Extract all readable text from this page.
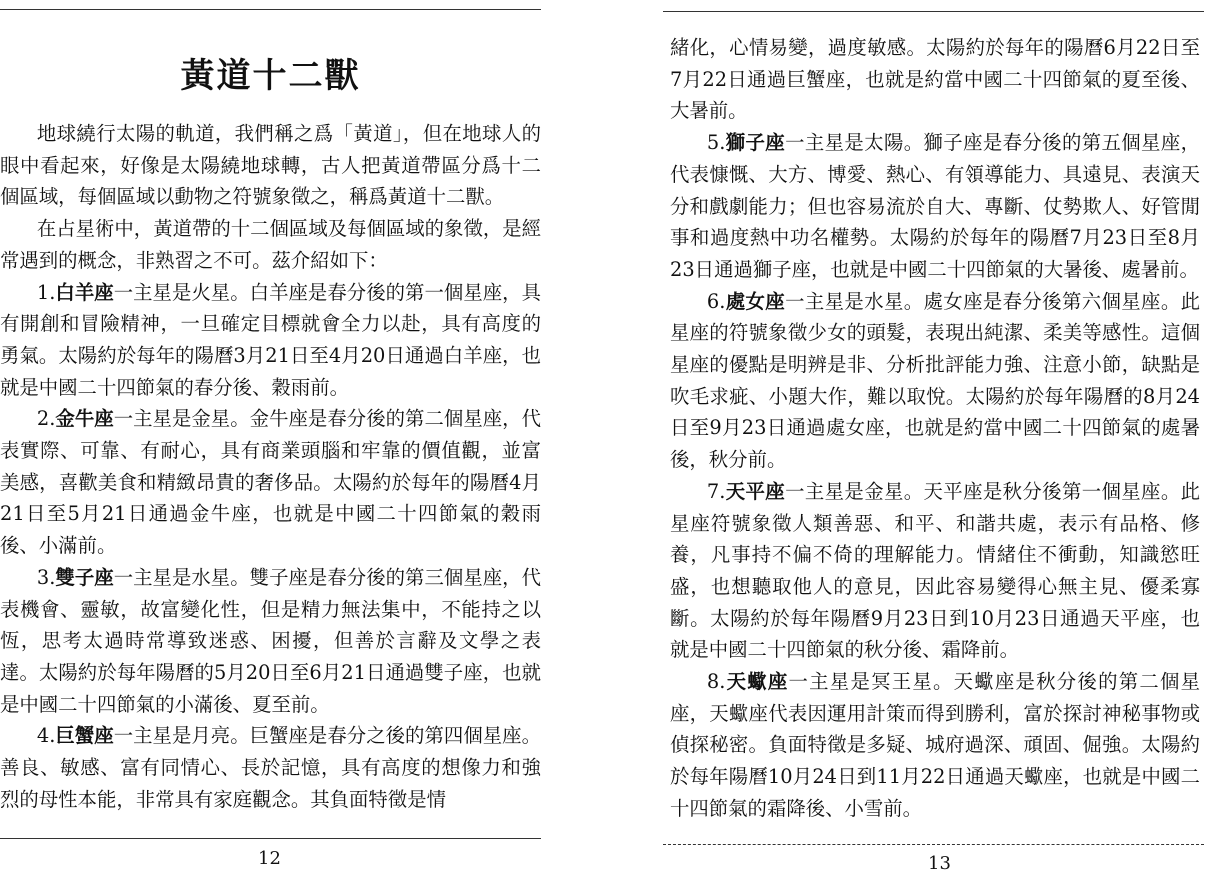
黃道十二獸

地球繞行太陽的軌道，我們稱之爲「黃道」，但在地球人的眼中看起來，好像是太陽繞地球轉，古人把黃道帶區分爲十二個區域，每個區域以動物之符號象徵之，稱爲黃道十二獸。

在占星術中，黃道帶的十二個區域及每個區域的象徵，是經常遇到的概念，非熟習之不可。茲介紹如下：

1.白羊座一主星是火星。白羊座是春分後的第一個星座，具有開創和冒險精神，一旦確定目標就會全力以赴，具有高度的勇氣。太陽約於每年的陽曆3月21日至4月20日通過白羊座，也就是中國二十四節氣的春分後、穀雨前。

2.金牛座一主星是金星。金牛座是春分後的第二個星座，代表實際、可靠、有耐心，具有商業頭腦和牢靠的價值觀，並富美感，喜歡美食和精緻昂貴的奢侈品。太陽約於每年的陽曆4月21日至5月21日通過金牛座，也就是中國二十四節氣的穀雨後、小滿前。

3.雙子座一主星是水星。雙子座是春分後的第三個星座，代表機會、靈敏，故富變化性，但是精力無法集中，不能持之以恆，思考太過時常導致迷惑、困擾，但善於言辭及文學之表達。太陽約於每年陽曆的5月20日至6月21日通過雙子座，也就是中國二十四節氣的小滿後、夏至前。

4.巨蟹座一主星是月亮。巨蟹座是春分之後的第四個星座。善良、敏感、富有同情心、長於記憶，具有高度的想像力和強烈的母性本能，非常具有家庭觀念。其負面特徵是情

12

緒化，心情易變，過度敏感。太陽約於每年的陽曆6月22日至7月22日通過巨蟹座，也就是約當中國二十四節氣的夏至後、大暑前。

5.獅子座一主星是太陽。獅子座是春分後的第五個星座，代表慷慨、大方、博愛、熱心、有領導能力、具遠見、表演天分和戲劇能力；但也容易流於自大、專斷、仗勢欺人、好管閒事和過度熱中功名權勢。太陽約於每年的陽曆7月23日至8月23日通過獅子座，也就是中國二十四節氣的大暑後、處暑前。

6.處女座一主星是水星。處女座是春分後第六個星座。此星座的符號象徵少女的頭髮，表現出純潔、柔美等感性。這個星座的優點是明辨是非、分析批評能力強、注意小節，缺點是吹毛求疵、小題大作，難以取悅。太陽約於每年陽曆的8月24日至9月23日通過處女座，也就是約當中國二十四節氣的處暑後，秋分前。

7.天平座一主星是金星。天平座是秋分後第一個星座。此星座符號象徵人類善惡、和平、和諧共處，表示有品格、修養，凡事持不偏不倚的理解能力。情緒住不衝動，知識慾旺盛，也想聽取他人的意見，因此容易變得心無主見、優柔寡斷。太陽約於每年陽曆9月23日到10月23日通過天平座，也就是中國二十四節氣的秋分後、霜降前。

8.天蠍座一主星是冥王星。天蠍座是秋分後的第二個星座，天蠍座代表因運用計策而得到勝利，富於探討神秘事物或偵探秘密。負面特徵是多疑、城府過深、頑固、倔強。太陽約於每年陽曆10月24日到11月22日通過天蠍座，也就是中國二十四節氣的霜降後、小雪前。

13
